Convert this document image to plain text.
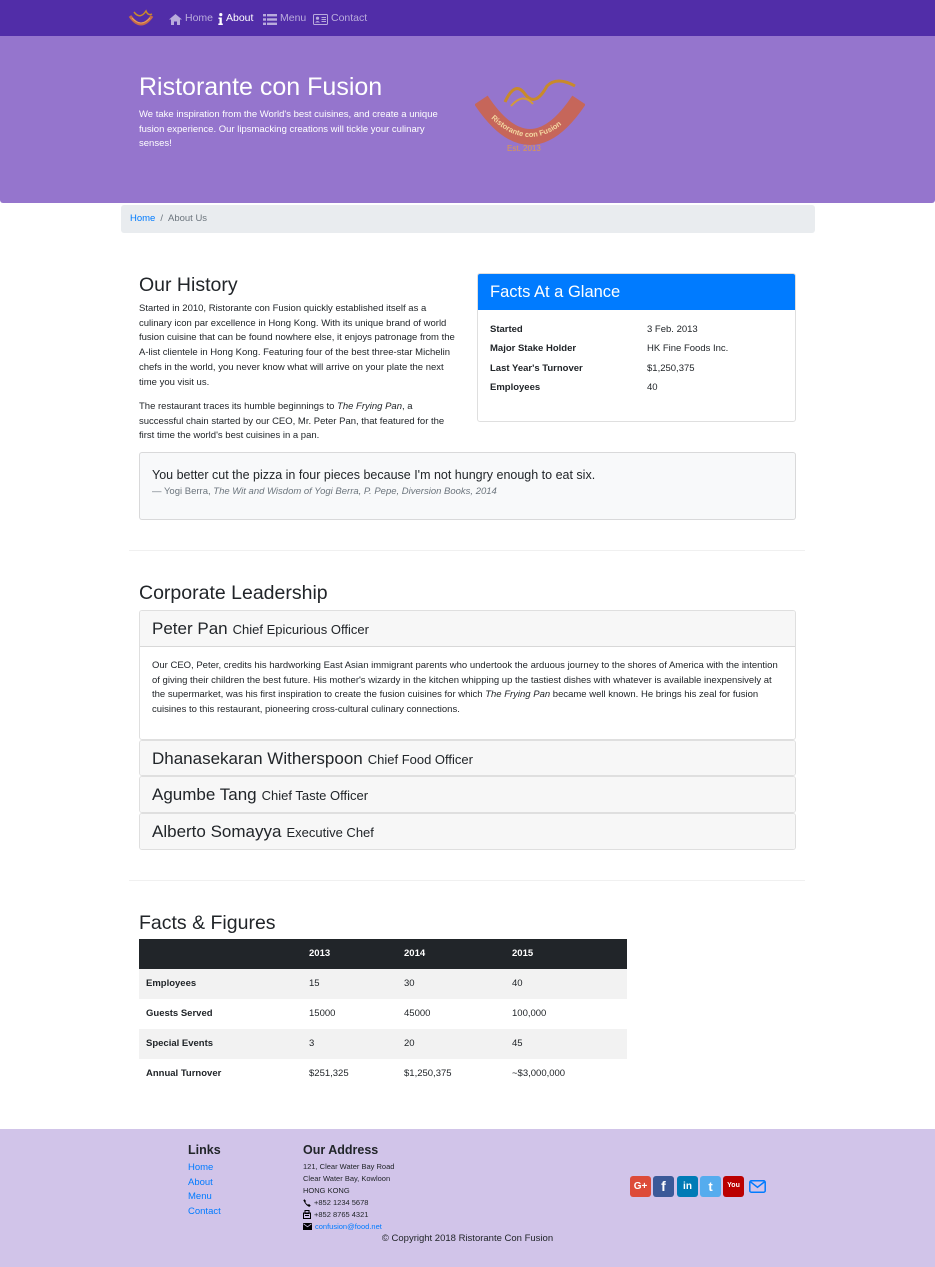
Home About	Menu Contact
Ristorante con Fusion

We take inspiration from the World's best cuisines, and create a unique fusion experience. Our lipsmacking creations will tickle your culinary senses!

Ristorante con Fusion
Est. 2013
Home / About Us
Our History

Started in 2010, Ristorante con Fusion quickly established itself as a culinary icon par excellence in Hong Kong. With its unique brand of world fusion cuisine that can be found nowhere else, it enjoys patronage from the A-list clientele in Hong Kong. Featuring four of the best three-star Michelin chefs in the world, you never know what will arrive on your plate the next time you visit us.

The restaurant traces its humble beginnings to The Frying Pan, a successful chain started by our CEO, Mr. Peter Pan, that featured for the first time the world's best cuisines in a pan.

Facts At a Glance
Started	3 Feb. 2013
Major Stake Holder	HK Fine Foods Inc.
Last Year's Turnover	$1,250,375
Employees	40

You better cut the pizza in four pieces because I'm not hungry enough to eat six.

— Yogi Berra, The Wit and Wisdom of Yogi Berra, P. Pepe, Diversion Books, 2014

Corporate Leadership
Peter Pan Chief Epicurious Officer
Our CEO, Peter, credits his hardworking East Asian immigrant parents who undertook the arduous journey to the shores of America with the intention of giving their children the best future. His mother's wizardy in the kitchen whipping up the tastiest dishes with whatever is available inexpensively at the supermarket, was his first inspiration to create the fusion cuisines for which The Frying Pan became well known. He brings his zeal for fusion cuisines to this restaurant, pioneering cross-cultural culinary connections.
Dhanasekaran Witherspoon Chief Food Officer
Agumbe Tang Chief Taste Officer
Alberto Somayya Executive Chef
Facts & Figures
	2013	2014	2015
Employees	15	30	40
Guests Served	15000	45000	100,000
Special Events	3	20	45
Annual Turnover	$251,325	$1,250,375	~$3,000,000
Links
Home
About
Menu
Contact
Our Address
121, Clear Water Bay Road
Clear Water Bay, Kowloon
HONG KONG
+852 1234 5678
+852 8765 4321
confusion@food.net
G+ f	in	t	You

© Copyright 2018 Ristorante Con Fusion
